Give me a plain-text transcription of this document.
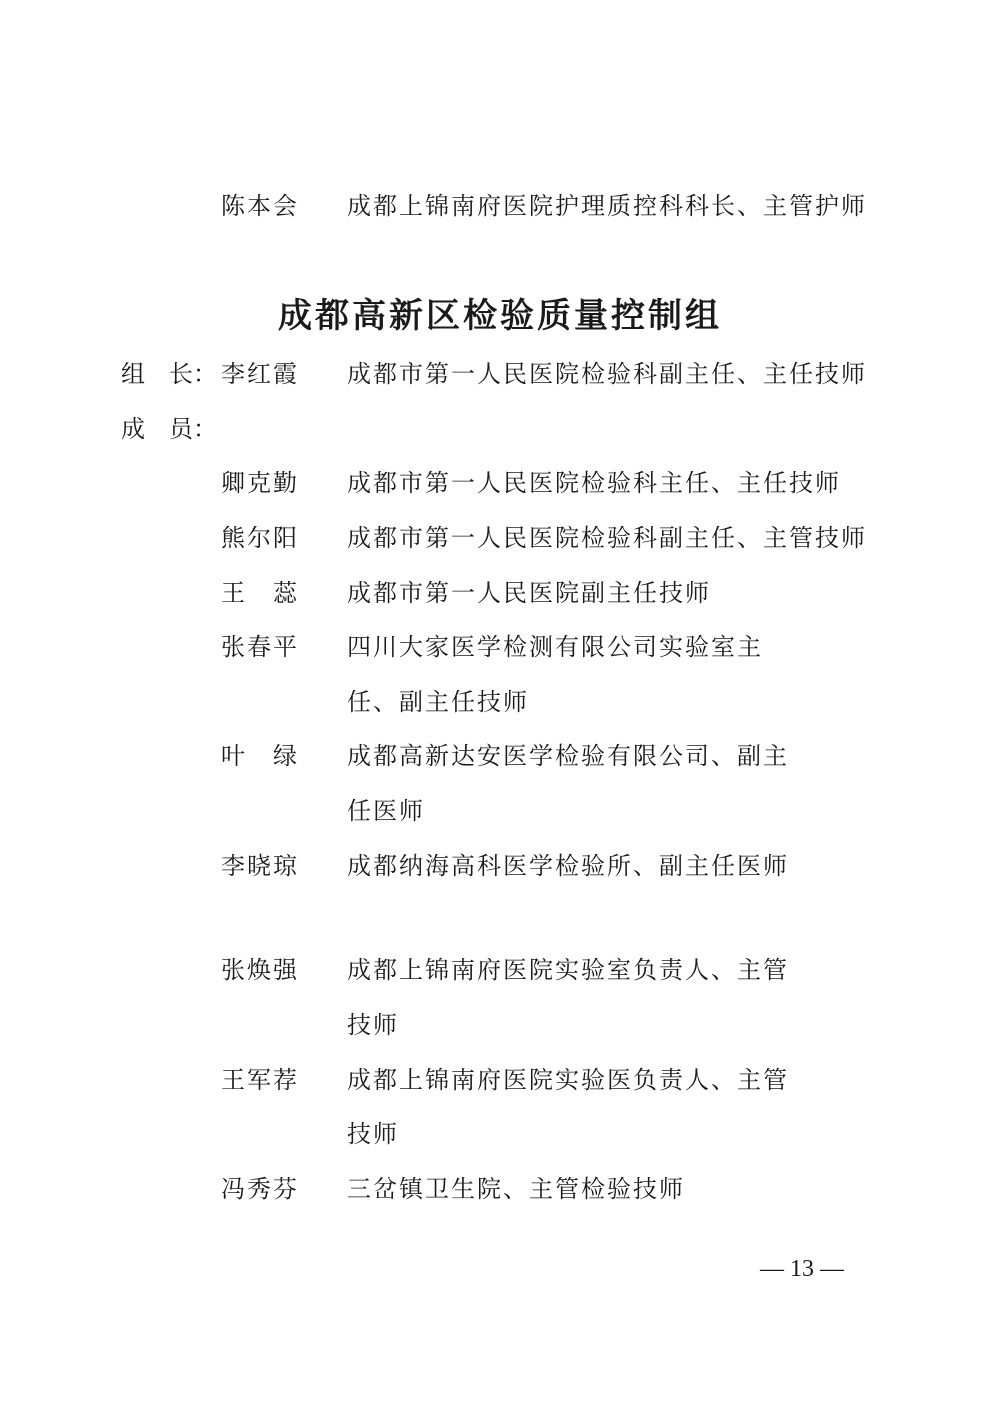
陈本会 成都上锦南府医院护理质控科科长、主管护师
成都高新区检验质量控制组
组　长： 李红霞 成都市第一人民医院检验科副主任、主任技师
成　员：
卿克勤 成都市第一人民医院检验科主任、主任技师
熊尔阳 成都市第一人民医院检验科副主任、主管技师
王　蕊 成都市第一人民医院副主任技师
张春平 四川大家医学检测有限公司实验室主
任、副主任技师
叶　绿 成都高新达安医学检验有限公司、副主
任医师
李晓琼 成都纳海高科医学检验所、副主任医师
张焕强 成都上锦南府医院实验室负责人、主管
技师
王军荐 成都上锦南府医院实验医负责人、主管
技师
冯秀芬 三岔镇卫生院、主管检验技师
— 13 —
